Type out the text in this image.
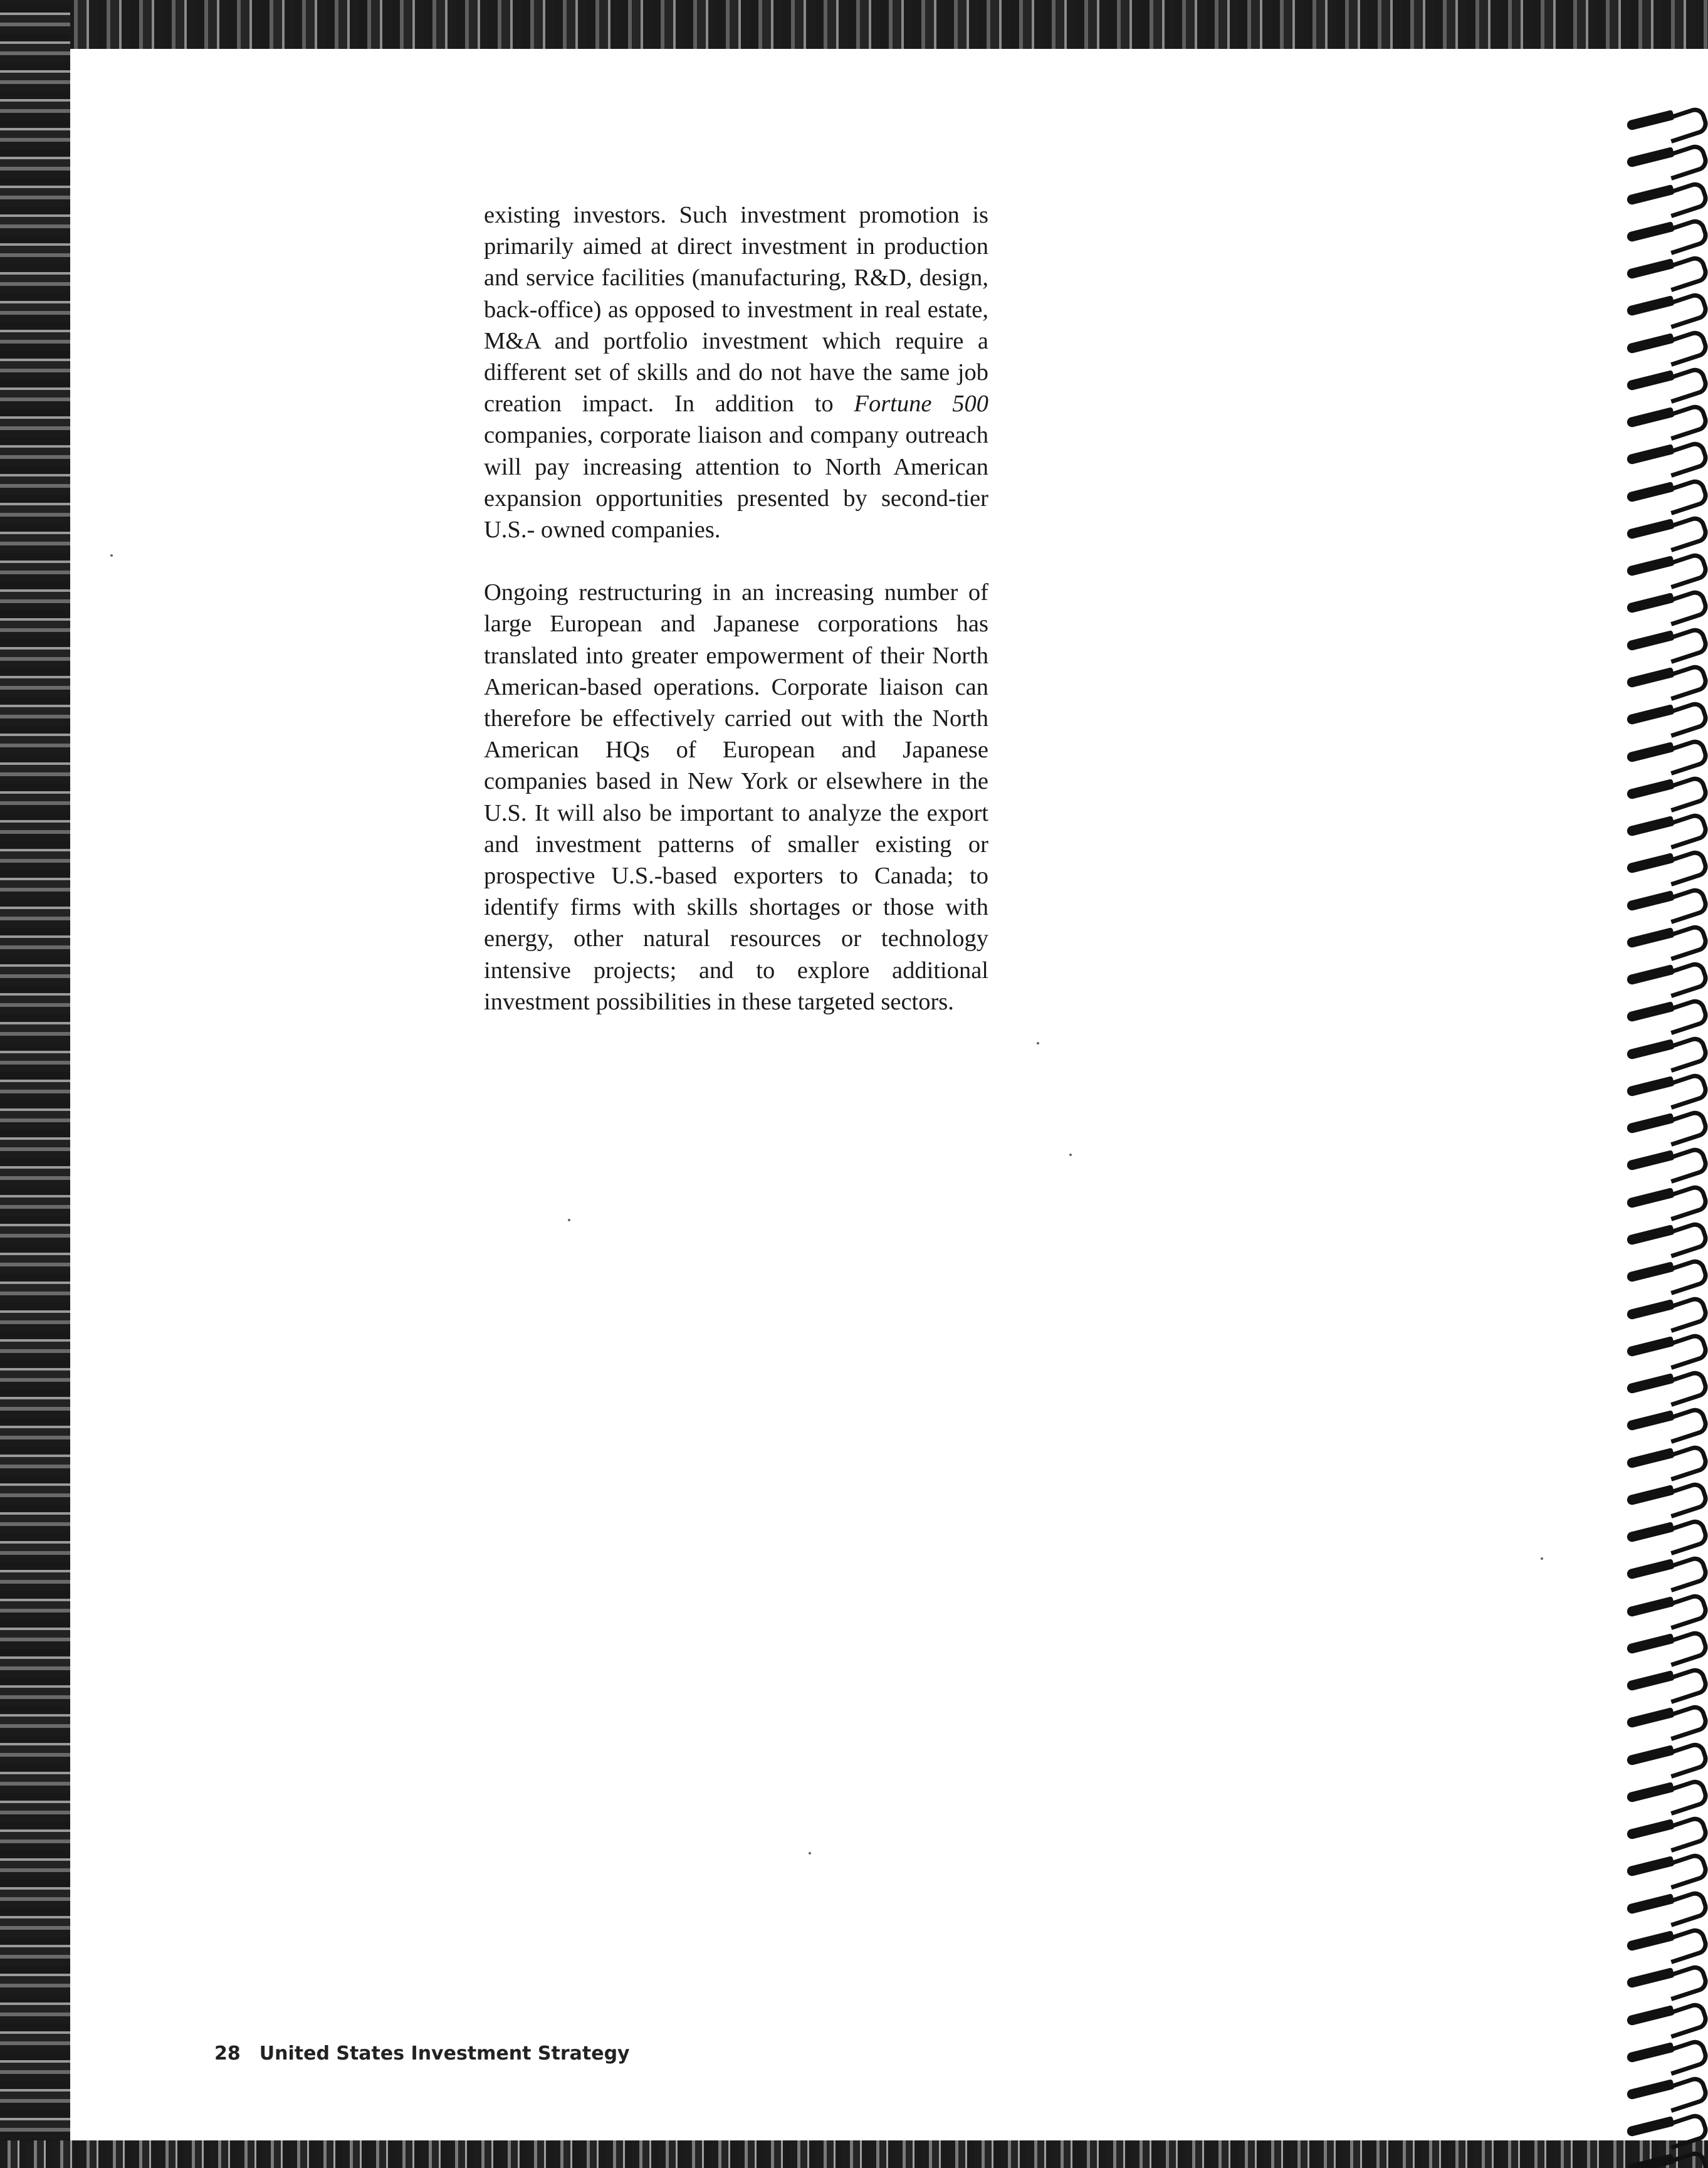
existing investors. Such investment promotion is primarily aimed at direct investment in production and service facilities (manufacturing, R&D, design, back-office) as opposed to investment in real estate, M&A and portfolio investment which require a different set of skills and do not have the same job creation impact. In addition to Fortune 500 companies, corporate liaison and company outreach will pay increasing attention to North American expansion opportunities presented by second-tier U.S.- owned companies.

Ongoing restructuring in an increasing number of large European and Japanese corporations has translated into greater empowerment of their North American-based operations. Corporate liaison can therefore be effectively carried out with the North American HQs of European and Japanese companies based in New York or elsewhere in the U.S. It will also be important to analyze the export and investment patterns of smaller existing or prospective U.S.-based exporters to Canada; to identify firms with skills shortages or those with energy, other natural resources or technology intensive projects; and to explore additional investment possibilities in these targeted sectors.

28 United States Investment Strategy
